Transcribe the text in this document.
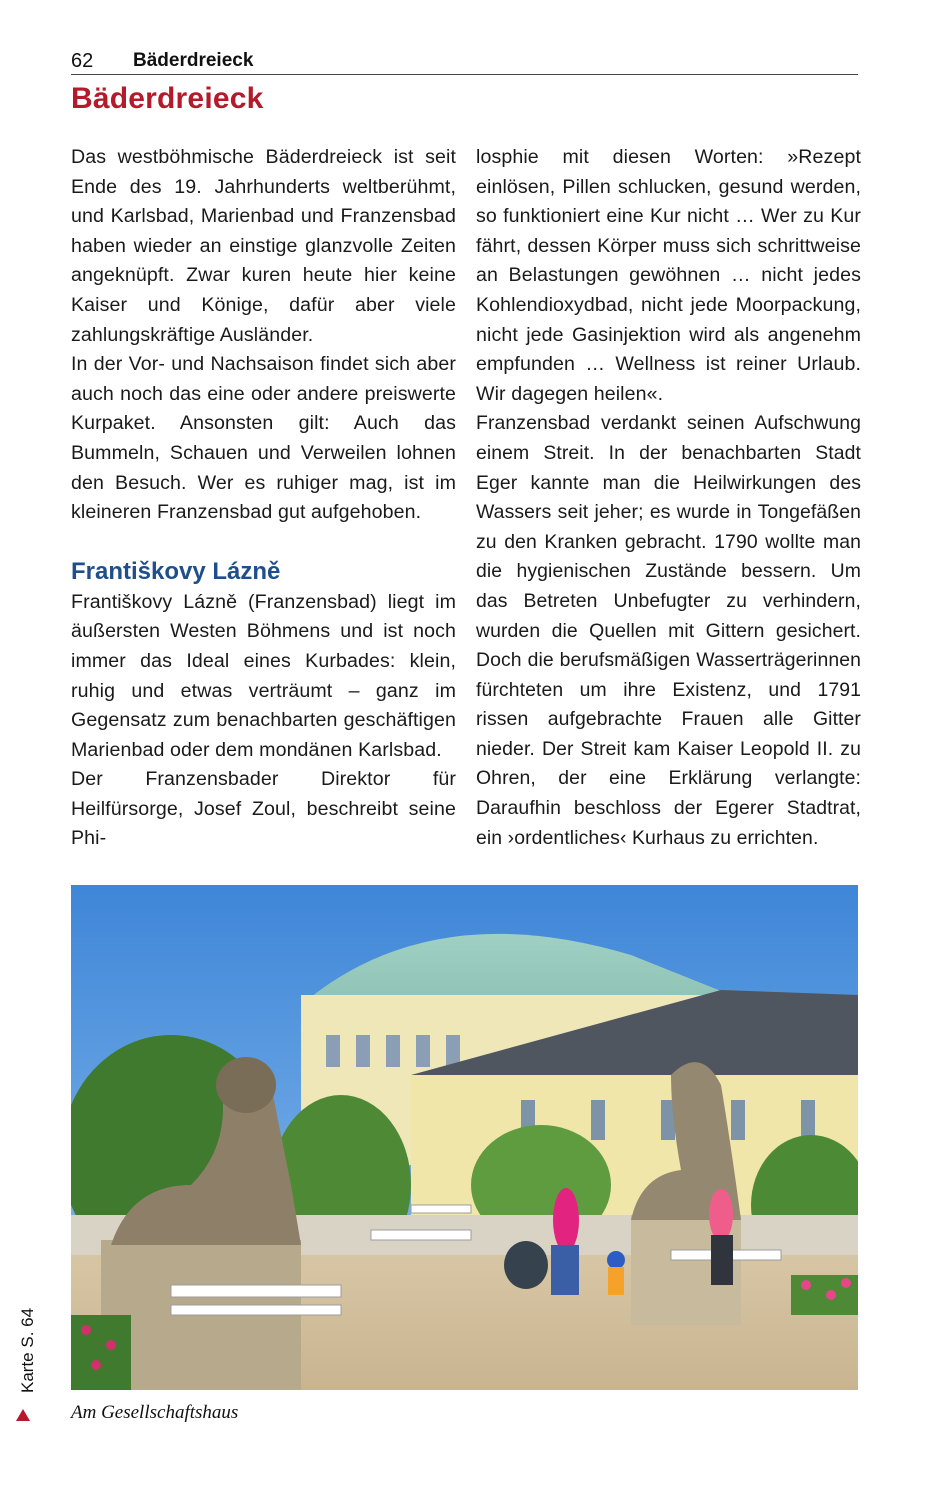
62 Bäderdreieck
Bäderdreieck

Das westböhmische Bäderdreieck ist seit Ende des 19. Jahrhunderts weltberühmt, und Karlsbad, Marienbad und Franzensbad haben wieder an einstige glanzvolle Zeiten angeknüpft. Zwar kuren heute hier keine Kaiser und Könige, dafür aber viele zahlungskräftige Ausländer.

In der Vor- und Nachsaison findet sich aber auch noch das eine oder andere preiswerte Kurpaket. Ansonsten gilt: Auch das Bummeln, Schauen und Verweilen lohnen den Besuch. Wer es ruhiger mag, ist im kleineren Franzensbad gut aufgehoben.

Františkovy Lázně

Františkovy Lázně (Franzensbad) liegt im äußersten Westen Böhmens und ist noch immer das Ideal eines Kurbades: klein, ruhig und etwas verträumt – ganz im Gegensatz zum benachbarten geschäftigen Marienbad oder dem mondänen Karlsbad.

Der Franzensbader Direktor für Heilfürsorge, Josef Zoul, beschreibt seine Phi-

losphie mit diesen Worten: »Rezept einlösen, Pillen schlucken, gesund werden, so funktioniert eine Kur nicht … Wer zu Kur fährt, dessen Körper muss sich schrittweise an Belastungen gewöhnen … nicht jedes Kohlendioxydbad, nicht jede Moorpackung, nicht jede Gasinjektion wird als angenehm empfunden … Wellness ist reiner Urlaub. Wir dagegen heilen«.

Franzensbad verdankt seinen Aufschwung einem Streit. In der benachbarten Stadt Eger kannte man die Heilwirkungen des Wassers seit jeher; es wurde in Tongefäßen zu den Kranken gebracht. 1790 wollte man die hygienischen Zustände bessern. Um das Betreten Unbefugter zu verhindern, wurden die Quellen mit Gittern gesichert. Doch die berufsmäßigen Wasserträgerinnen fürchteten um ihre Existenz, und 1791 rissen aufgebrachte Frauen alle Gitter nieder. Der Streit kam Kaiser Leopold II. zu Ohren, der eine Erklärung verlangte: Daraufhin beschloss der Egerer Stadtrat, ein ›ordentliches‹ Kurhaus zu errichten.

Am Gesellschaftshaus
Karte S. 64
